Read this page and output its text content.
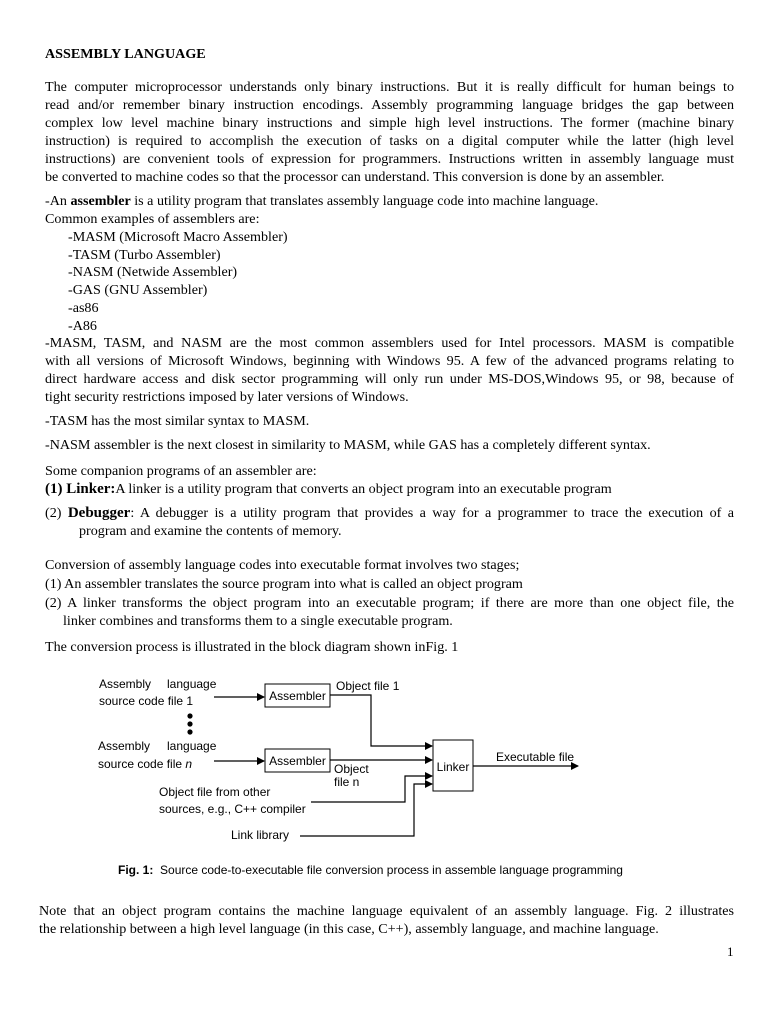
ASSEMBLY LANGUAGE
The computer microprocessor understands only binary instructions. But it is really difficult for human beings to
read and/or remember binary instruction encodings. Assembly programming language bridges the gap between
complex low level machine binary instructions and simple high level instructions. The former (machine binary
instruction) is required to accomplish the execution of tasks on a digital computer while the latter (high level
instructions) are convenient tools of expression for programmers. Instructions written in assembly language must
be converted to machine codes so that the processor can understand. This conversion is done by an assembler.
-An assembler is a utility program that translates assembly language code into machine language.
Common examples of assemblers are:
-MASM (Microsoft Macro Assembler)
-TASM (Turbo Assembler)
-NASM (Netwide Assembler)
-GAS (GNU Assembler)
-as86
-A86
-MASM, TASM, and NASM are the most common assemblers used for Intel processors. MASM is compatible
with all versions of Microsoft Windows, beginning with Windows 95. A few of the advanced programs relating to
direct hardware access and disk sector programming will only run under MS-DOS,Windows 95, or 98, because of
tight security restrictions imposed by later versions of Windows.
-TASM has the most similar syntax to MASM.
-NASM assembler is the next closest in similarity to MASM, while GAS has a completely different syntax.
Some companion programs of an assembler are:
(1) Linker:A linker is a utility program that converts an object program into an executable program
(2) Debugger: A debugger is a utility program that provides a way for a programmer to trace the execution of a
program and examine the contents of memory.
Conversion of assembly language codes into executable format involves two stages;
(1) An assembler translates the source program into what is called an object program
(2) A linker transforms the object program into an executable program; if there are more than one object file, the
linker combines and transforms them to a single executable program.
The conversion process is illustrated in the block diagram shown inFig. 1
Assembly language
source code file 1
Assembly language
source code file n
Assembler
Assembler
Object file 1
Object
file n
Linker
Executable file
Object file from other
sources, e.g., C++ compiler
Link library
Fig. 1: Source code-to-executable file conversion process in assemble language programming
Note that an object program contains the machine language equivalent of an assembly language. Fig. 2 illustrates
the relationship between a high level language (in this case, C++), assembly language, and machine language.
1
